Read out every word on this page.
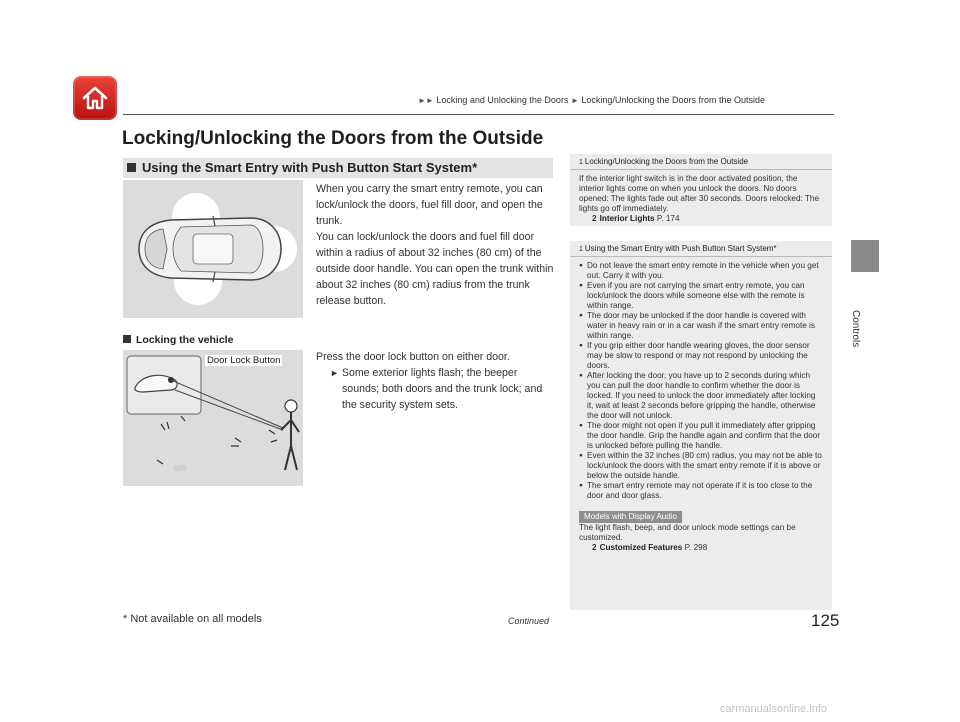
►► Locking and Unlocking the Doors ► Locking/Unlocking the Doors from the Outside
Controls
Locking/Unlocking the Doors from the Outside
Using the Smart Entry with Push Button Start System*

When you carry the smart entry remote, you can lock/unlock the doors, fuel fill door, and open the trunk.

You can lock/unlock the doors and fuel fill door within a radius of about 32 inches (80 cm) of the outside door handle. You can open the trunk within about 32 inches (80 cm) radius from the trunk release button.

Locking the vehicle
Door Lock Button	Press the door lock button on either door.

► Some exterior lights flash; the beeper sounds; both doors and the trunk lock; and the security system sets.
1 Locking/Unlocking the Doors from the Outside

If the interior light switch is in the door activated position, the interior lights come on when you unlock the doors. No doors opened: The lights fade out after 30 seconds. Doors relocked: The lights go off immediately.

2 Interior Lights P. 174

1 Using the Smart Entry with Push Button Start System*
● Do not leave the smart entry remote in the vehicle when you get out. Carry it with you.
● Even if you are not carrying the smart entry remote, you can lock/unlock the doors while someone else with the remote is within range.
● The door may be unlocked if the door handle is covered with water in heavy rain or in a car wash if the smart entry remote is within range.
● If you grip either door handle wearing gloves, the door sensor may be slow to respond or may not respond by unlocking the doors.
● After locking the door, you have up to 2 seconds during which you can pull the door handle to confirm whether the door is locked. If you need to unlock the door immediately after locking it, wait at least 2 seconds before gripping the handle, otherwise the door will not unlock.
● The door might not open if you pull it immediately after gripping the door handle. Grip the handle again and confirm that the door is unlocked before pulling the handle.
● Even within the 32 inches (80 cm) radius, you may not be able to lock/unlock the doors with the smart entry remote if it is above or below the outside handle.
● The smart entry remote may not operate if it is too close to the door and door glass.
Models with Display Audio

The light flash, beep, and door unlock mode settings can be customized.

2 Customized Features P. 298

* Not available on all models	Continued	125
carmanualsonline.info
